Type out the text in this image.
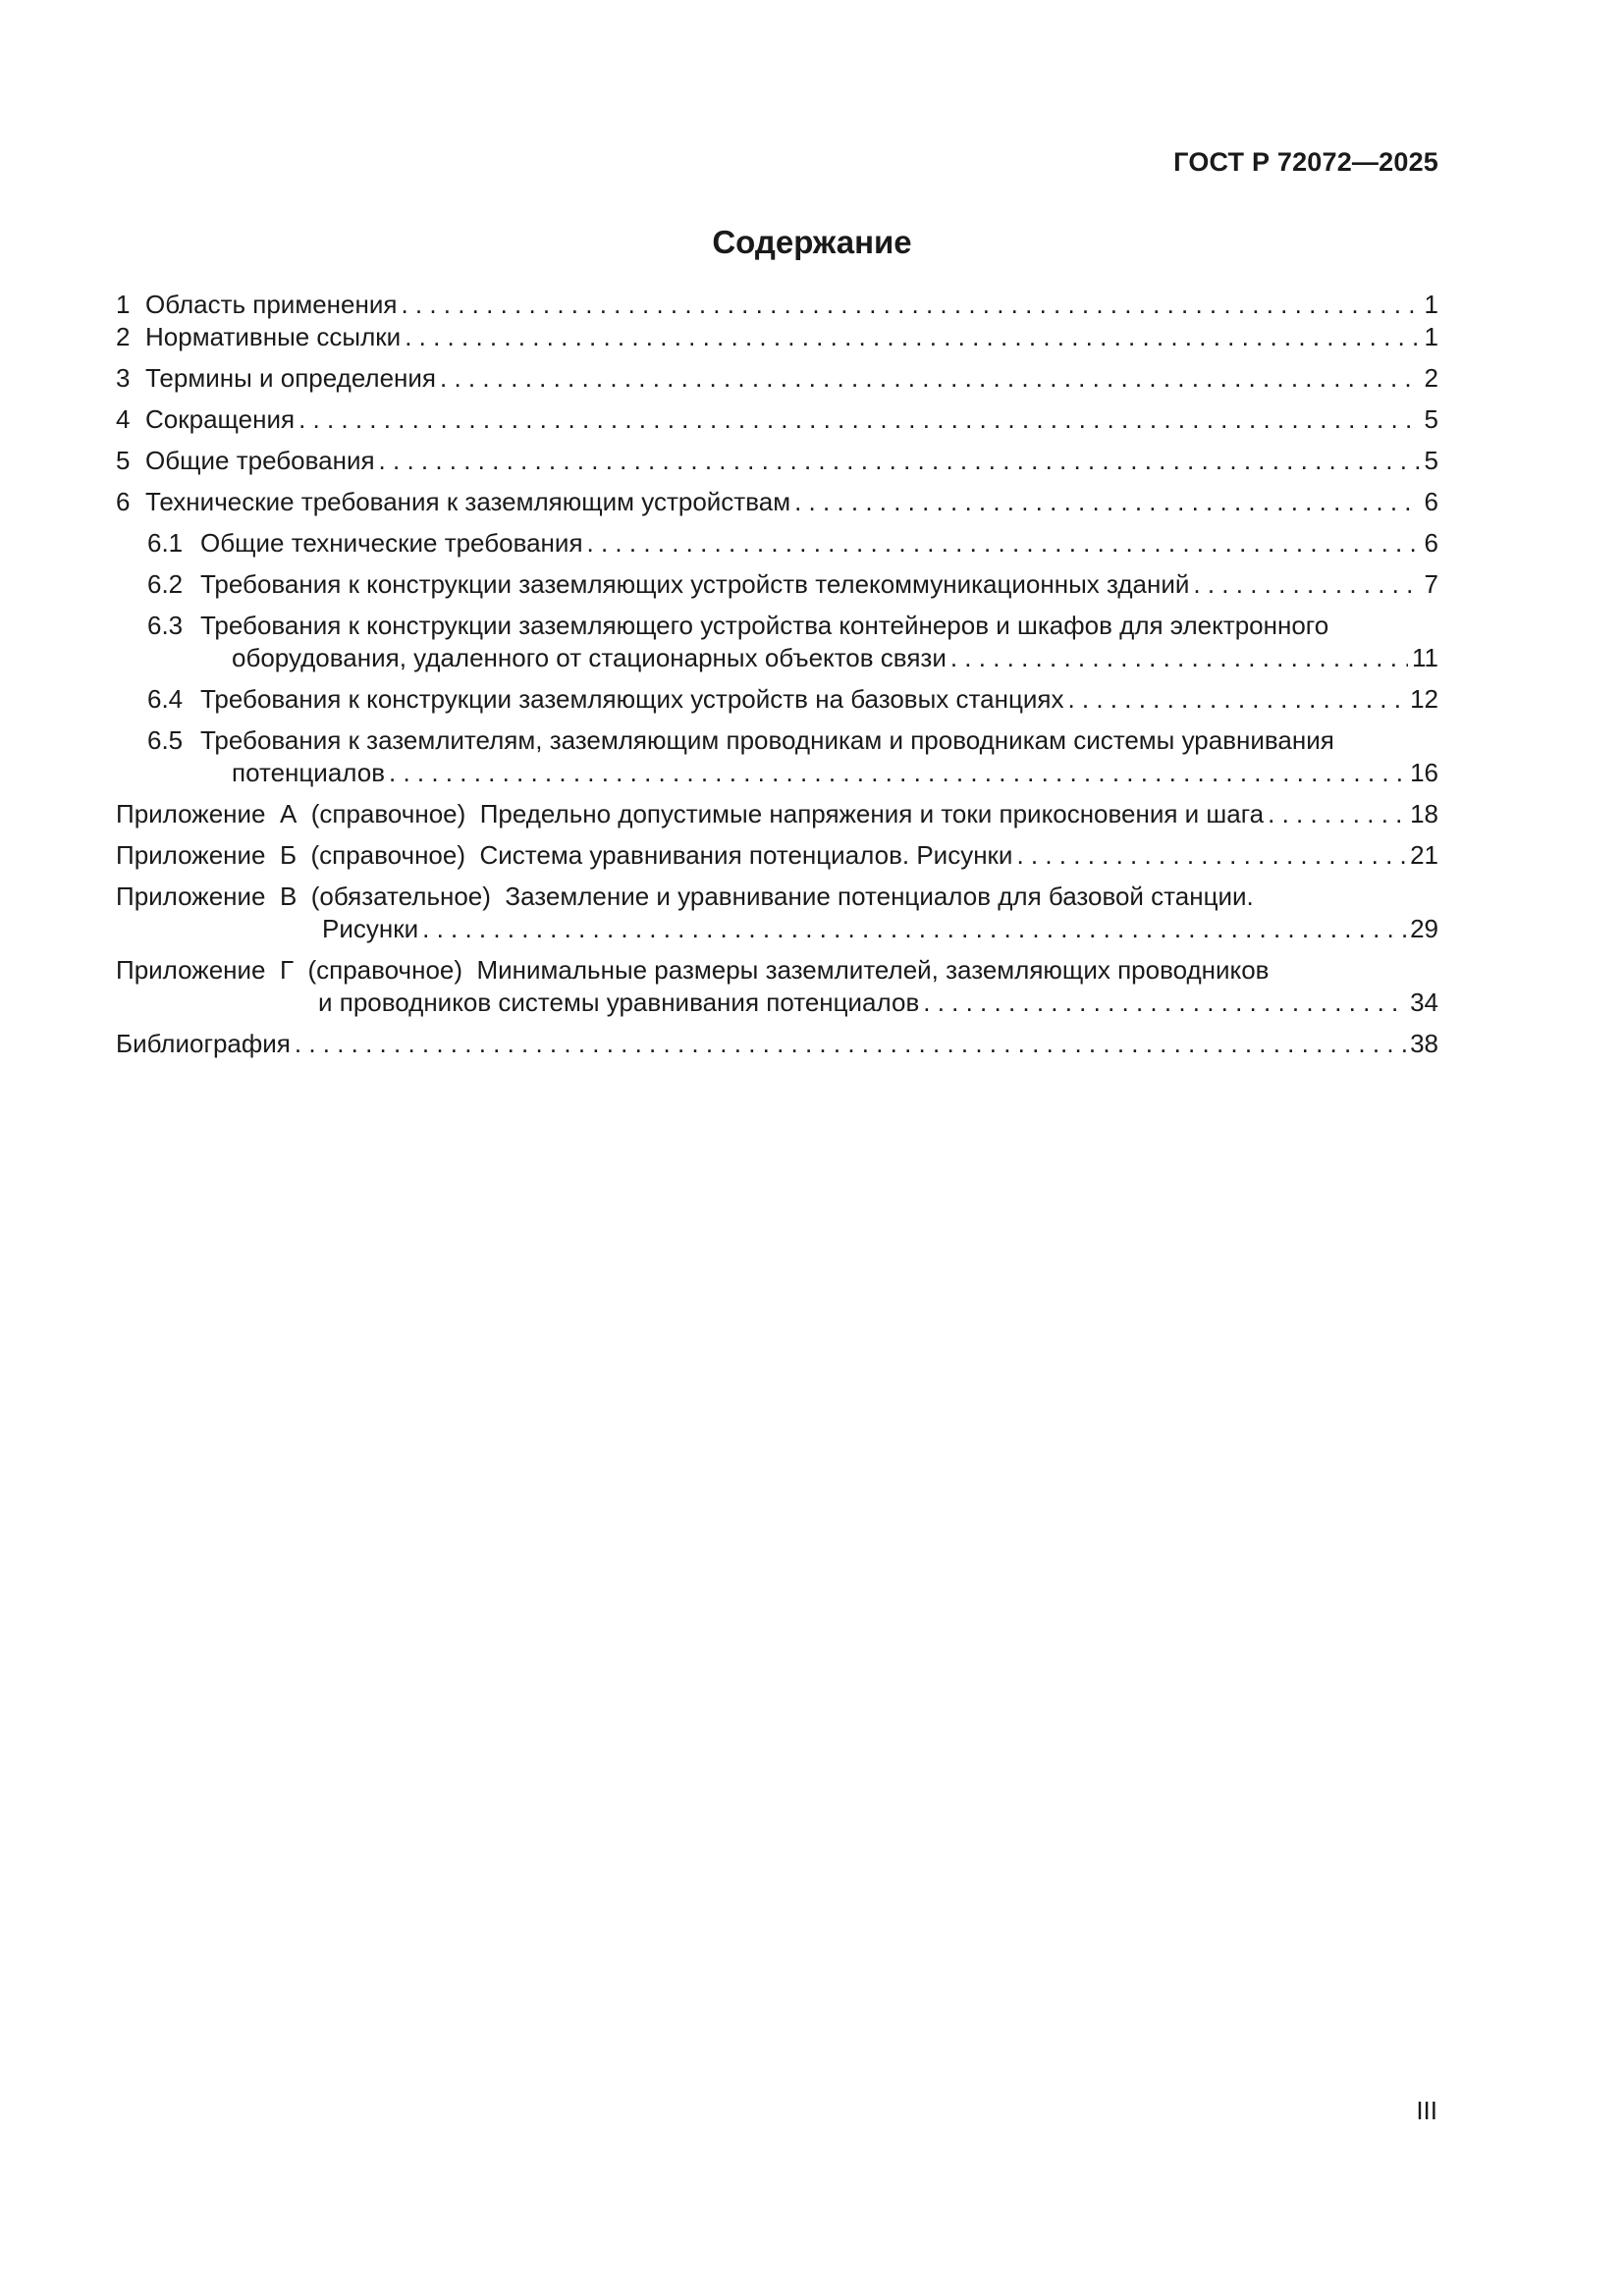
ГОСТ Р 72072—2025
Содержание
1 Область применения . . .	1
2 Нормативные ссылки . . .	1
3 Термины и определения . . .	2
4 Сокращения . . .	5
5 Общие требования . . .	5
6 Технические требования к заземляющим устройствам . . .	6
6.1 Общие технические требования . . .	6
6.2 Требования к конструкции заземляющих устройств телекоммуникационных зданий . . .	7
6.3 Требования к конструкции заземляющего устройства контейнеров и шкафов для электронного
оборудования, удаленного от стационарных объектов связи . . .	11
6.4 Требования к конструкции заземляющих устройств на базовых станциях . . .	12
6.5 Требования к заземлителям, заземляющим проводникам и проводникам системы уравнивания
потенциалов . . .	16
Приложение  А  (справочное)  Предельно допустимые напряжения и токи прикосновения и шага . . .	18
Приложение  Б  (справочное)  Система уравнивания потенциалов. Рисунки . . .	21
Приложение  В  (обязательное)  Заземление и уравнивание потенциалов для базовой станции.
Рисунки . . .	29
Приложение  Г  (справочное)  Минимальные размеры заземлителей, заземляющих проводников
и проводников системы уравнивания потенциалов . . .	34
Библиография . . .	38
III
